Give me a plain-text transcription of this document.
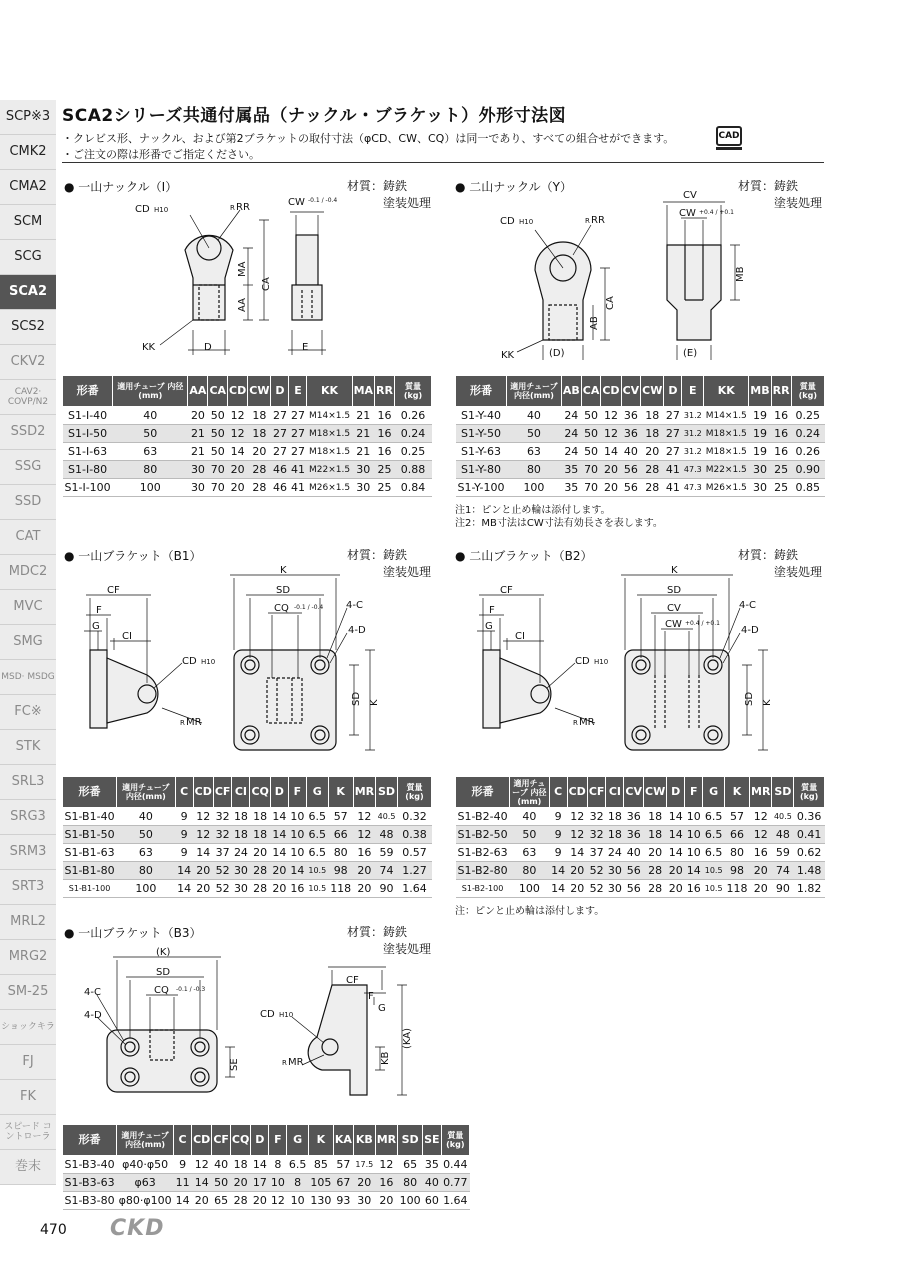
SCP※3
CMK2
CMA2
SCM
SCG
SCA2
SCS2
CKV2
CAV2· COVP/N2
SSD2
SSG
SSD
CAT
MDC2
MVC
SMG
MSD· MSDG
FC※
STK
SRL3
SRG3
SRM3
SRT3
MRL2
MRG2
SM-25
ショックキラ
FJ
FK
スピード コントローラ
巻末
SCA2シリーズ共通付属品（ナックル・ブラケット）外形寸法図
・クレビス形、ナックル、および第2ブラケットの取付寸法（φCD、CW、CQ）は同一であり、すべての組合せができます。
・ご注文の際は形番でご指定ください。
CAD
● 一山ナックル（I）	材質：鋳鉄
塗装処理
CD H10	R RR	CW -0.1 / -0.4
MA
AA
CA
KK	D	E
● 二山ナックル（Y）	材質：鋳鉄
塗装処理
CD H10	R RR
CV
CW +0.4 / +0.1
MB
AB
CA
KK	(D)	(E)
形番	適用チューブ 内径(mm)	AA	CA	CD	CW	D	E	KK	MA	RR	質量 (kg)
S1-I-40	40	20	50	12	18	27	27	M14×1.5	21	16	0.26
S1-I-50	50	21	50	12	18	27	27	M18×1.5	21	16	0.24
S1-I-63	63	21	50	14	20	27	27	M18×1.5	21	16	0.25
S1-I-80	80	30	70	20	28	46	41	M22×1.5	30	25	0.88
S1-I-100	100	30	70	20	28	46	41	M26×1.5	30	25	0.84
形番	適用チューブ 内径(mm)	AB	CA	CD	CV	CW	D	E	KK	MB	RR	質量 (kg)
S1-Y-40	40	24	50	12	36	18	27	31.2	M14×1.5	19	16	0.25
S1-Y-50	50	24	50	12	36	18	27	31.2	M18×1.5	19	16	0.24
S1-Y-63	63	24	50	14	40	20	27	31.2	M18×1.5	19	16	0.26
S1-Y-80	80	35	70	20	56	28	41	47.3	M22×1.5	30	25	0.90
S1-Y-100	100	35	70	20	56	28	41	47.3	M26×1.5	30	25	0.85
注1：ピンと止め輪は添付します。
注2：MB寸法はCW寸法有効長さを表します。
● 一山ブラケット（B1）	材質：鋳鉄
塗装処理
CF
F
G
CI
CD H10
R MR
K
SD
CQ -0.1 / -0.4 4-C
4-D
SD K
● 二山ブラケット（B2）	材質：鋳鉄
塗装処理
CF
F
G
CI
CD H10
R MR
K
SD
CV
CW +0.4 / +0.1
4-C
4-D
SD K
形番	適用チューブ 内径(mm)	C	CD	CF	CI	CQ	D	F	G	K	MR	SD	質量 (kg)
S1-B1-40	40	9	12	32	18	18	14	10	6.5	57	12	40.5	0.32
S1-B1-50	50	9	12	32	18	18	14	10	6.5	66	12	48	0.38
S1-B1-63	63	9	14	37	24	20	14	10	6.5	80	16	59	0.57
S1-B1-80	80	14	20	52	30	28	20	14	10.5	98	20	74	1.27
S1-B1-100	100	14	20	52	30	28	20	16	10.5	118	20	90	1.64
形番	適用チューブ 内径(mm)	C	CD	CF	CI	CV	CW	D	F	G	K	MR	SD	質量 (kg)
S1-B2-40	40	9	12	32	18	36	18	14	10	6.5	57	12	40.5	0.36
S1-B2-50	50	9	12	32	18	36	18	14	10	6.5	66	12	48	0.41
S1-B2-63	63	9	14	37	24	40	20	14	10	6.5	80	16	59	0.62
S1-B2-80	80	14	20	52	30	56	28	20	14	10.5	98	20	74	1.48
S1-B2-100	100	14	20	52	30	56	28	20	16	10.5	118	20	90	1.82
注：ピンと止め輪は添付します。
● 一山ブラケット（B3）	材質：鋳鉄
塗装処理
(K)
SD
CQ -0.1 / -0.3
4-C
4-D
SE
CF
F
G
CD H10
R MR	KB
(KA)
形番	適用チューブ 内径(mm)	C	CD	CF	CQ	D	F	G	K	KA	KB	MR	SD	SE	質量 (kg)
S1-B3-40	φ40·φ50	9	12	40	18	14	8	6.5	85	57	17.5	12	65	35	0.44
S1-B3-63	φ63	11	14	50	20	17	10	8	105	67	20	16	80	40	0.77
S1-B3-80	φ80·φ100	14	20	65	28	20	12	10	130	93	30	20	100	60	1.64
470 CKD
